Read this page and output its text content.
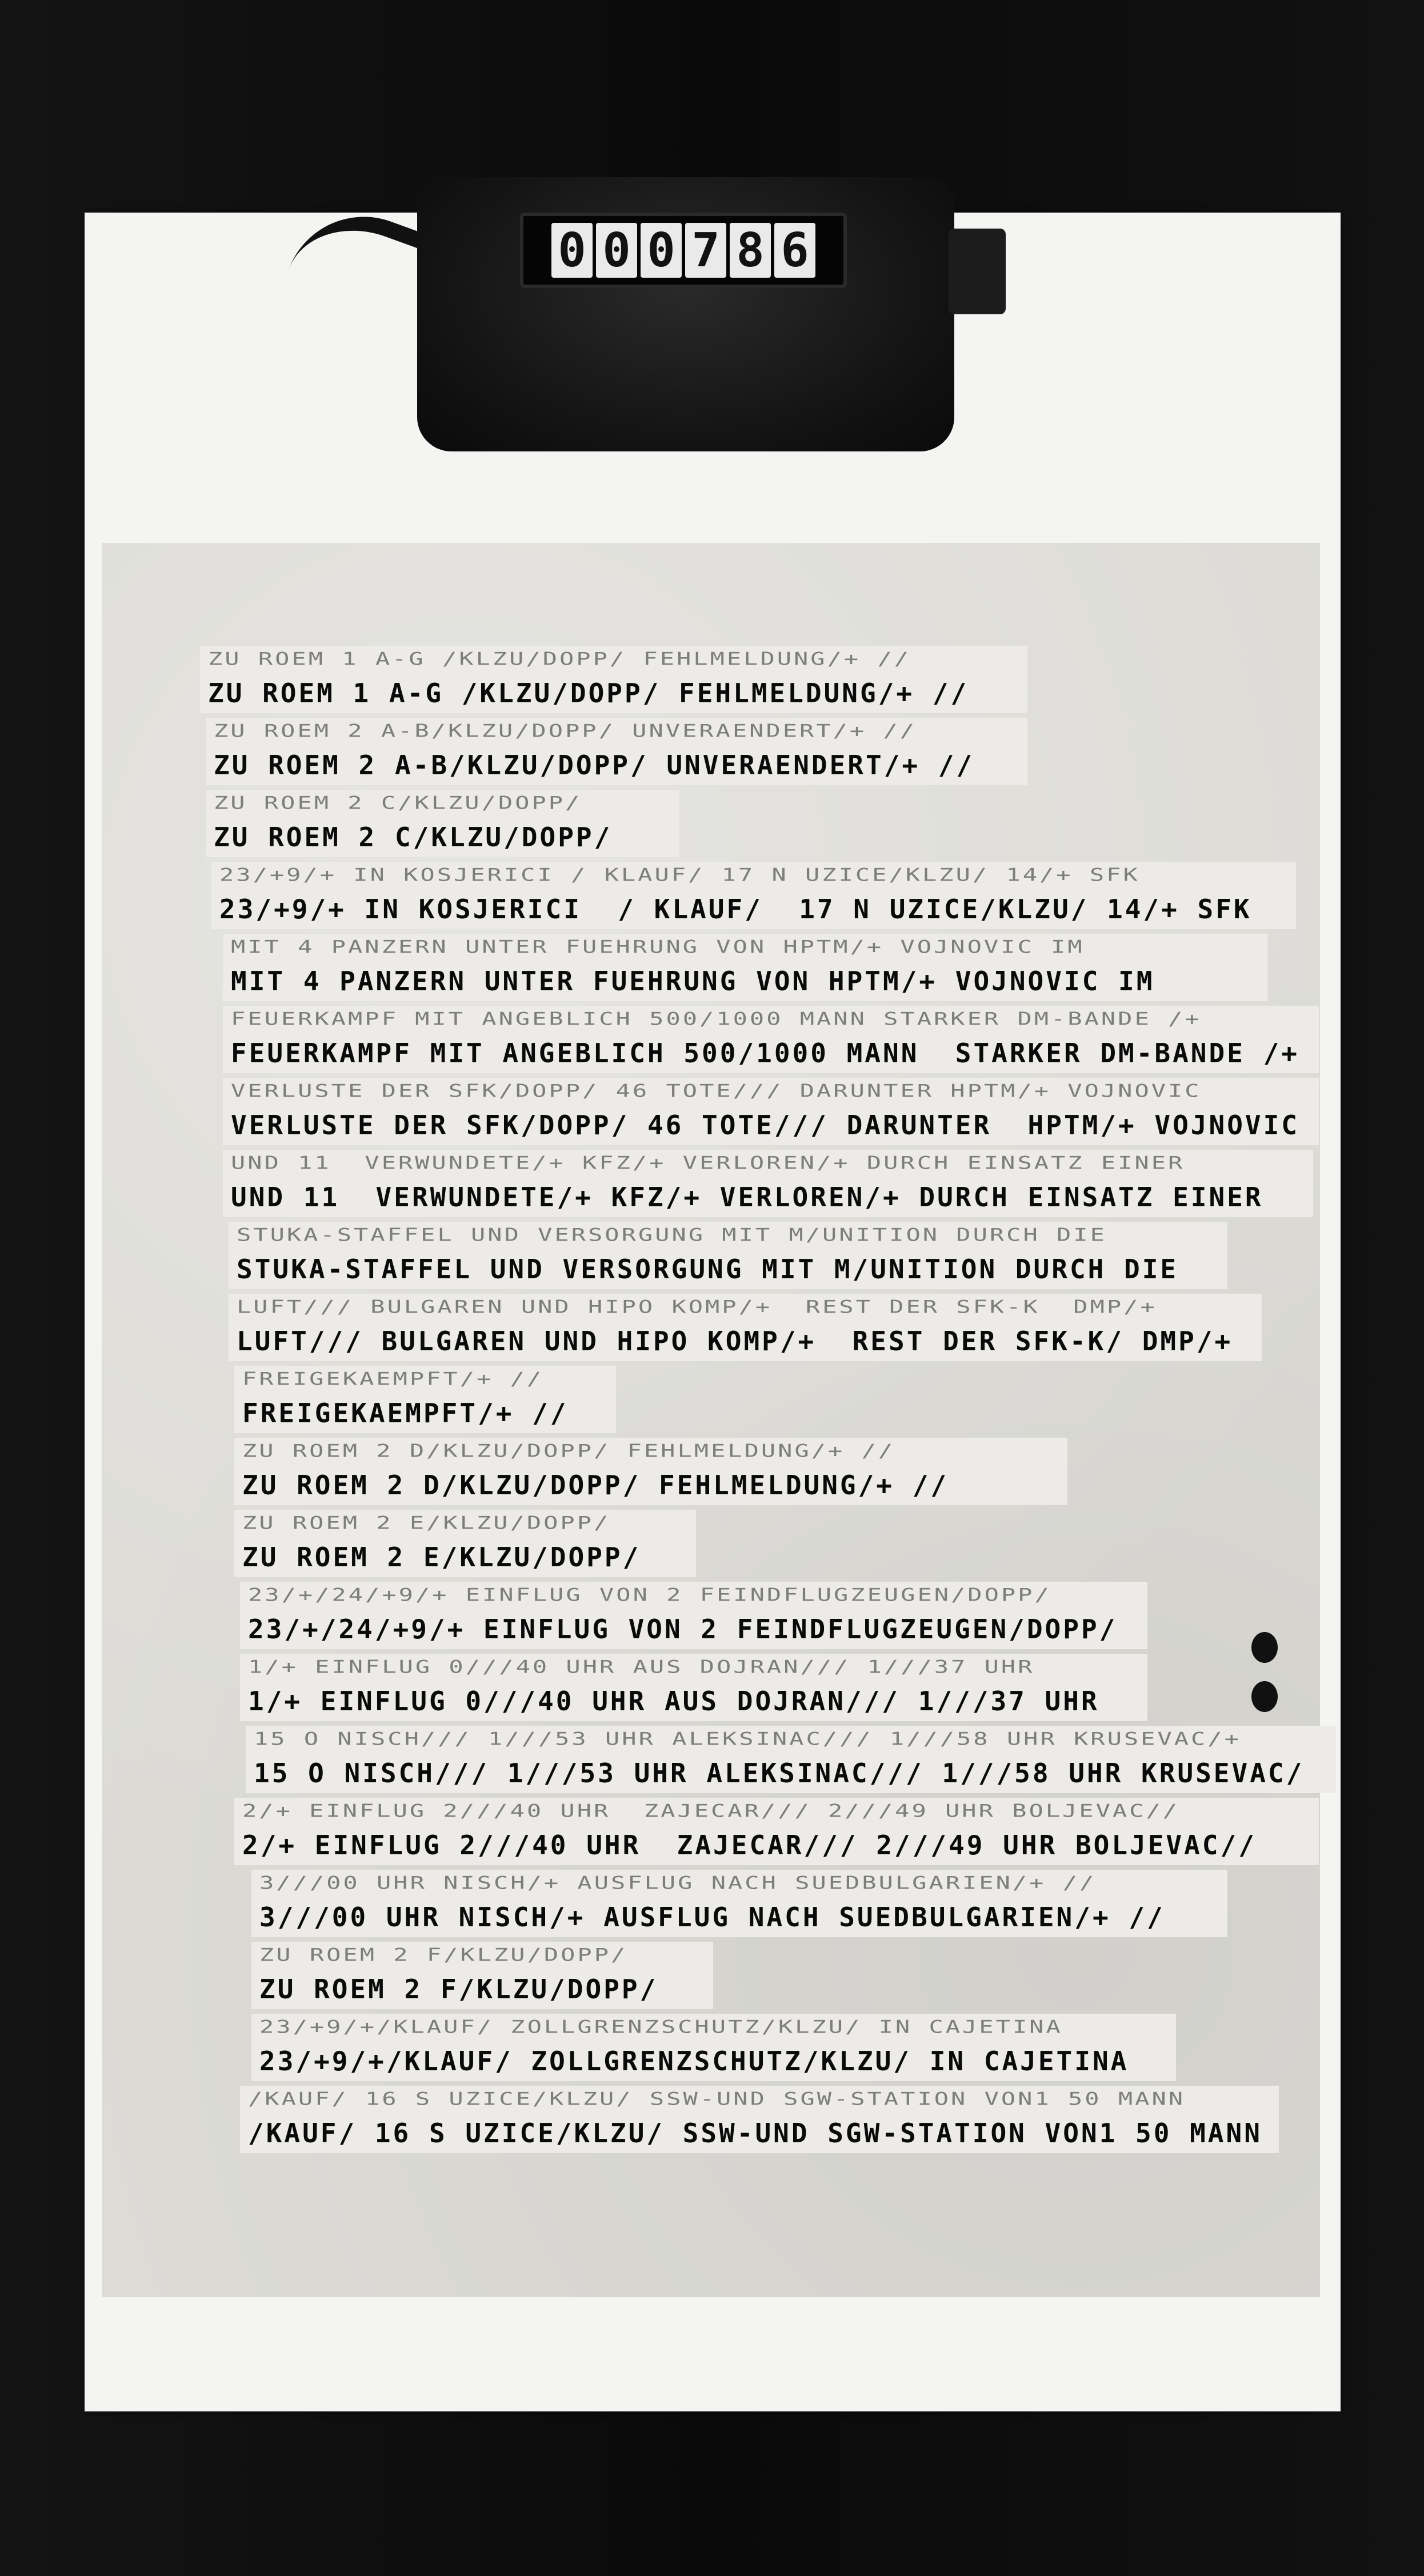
0 0 0 7 8 6
ZU ROEM 1 A-G /KLZU/DOPP/ FEHLMELDUNG/+ //
ZU ROEM 1 A-G /KLZU/DOPP/ FEHLMELDUNG/+ //
ZU ROEM 2 A-B/KLZU/DOPP/ UNVERAENDERT/+ //
ZU ROEM 2 A-B/KLZU/DOPP/ UNVERAENDERT/+ //
ZU ROEM 2 C/KLZU/DOPP/
ZU ROEM 2 C/KLZU/DOPP/
23/+9/+ IN KOSJERICI / KLAUF/ 17 N UZICE/KLZU/ 14/+ SFK
23/+9/+ IN KOSJERICI  / KLAUF/  17 N UZICE/KLZU/ 14/+ SFK
MIT 4 PANZERN UNTER FUEHRUNG VON HPTM/+ VOJNOVIC IM
MIT 4 PANZERN UNTER FUEHRUNG VON HPTM/+ VOJNOVIC IM
FEUERKAMPF MIT ANGEBLICH 500/1000 MANN STARKER DM-BANDE /+
FEUERKAMPF MIT ANGEBLICH 500/1000 MANN  STARKER DM-BANDE /+
VERLUSTE DER SFK/DOPP/ 46 TOTE/// DARUNTER HPTM/+ VOJNOVIC
VERLUSTE DER SFK/DOPP/ 46 TOTE/// DARUNTER  HPTM/+ VOJNOVIC
UND 11  VERWUNDETE/+ KFZ/+ VERLOREN/+ DURCH EINSATZ EINER
UND 11  VERWUNDETE/+ KFZ/+ VERLOREN/+ DURCH EINSATZ EINER
STUKA-STAFFEL UND VERSORGUNG MIT M/UNITION DURCH DIE
STUKA-STAFFEL UND VERSORGUNG MIT M/UNITION DURCH DIE
LUFT/// BULGAREN UND HIPO KOMP/+  REST DER SFK-K  DMP/+
LUFT/// BULGAREN UND HIPO KOMP/+  REST DER SFK-K/ DMP/+
FREIGEKAEMPFT/+ //
FREIGEKAEMPFT/+ //
ZU ROEM 2 D/KLZU/DOPP/ FEHLMELDUNG/+ //
ZU ROEM 2 D/KLZU/DOPP/ FEHLMELDUNG/+ //
ZU ROEM 2 E/KLZU/DOPP/
ZU ROEM 2 E/KLZU/DOPP/
23/+/24/+9/+ EINFLUG VON 2 FEINDFLUGZEUGEN/DOPP/
23/+/24/+9/+ EINFLUG VON 2 FEINDFLUGZEUGEN/DOPP/
1/+ EINFLUG 0///40 UHR AUS DOJRAN/// 1///37 UHR
1/+ EINFLUG 0///40 UHR AUS DOJRAN/// 1///37 UHR
15 O NISCH/// 1///53 UHR ALEKSINAC/// 1///58 UHR KRUSEVAC/+
15 O NISCH/// 1///53 UHR ALEKSINAC/// 1///58 UHR KRUSEVAC/
2/+ EINFLUG 2///40 UHR  ZAJECAR/// 2///49 UHR BOLJEVAC//
2/+ EINFLUG 2///40 UHR  ZAJECAR/// 2///49 UHR BOLJEVAC//
3///00 UHR NISCH/+ AUSFLUG NACH SUEDBULGARIEN/+ //
3///00 UHR NISCH/+ AUSFLUG NACH SUEDBULGARIEN/+ //
ZU ROEM 2 F/KLZU/DOPP/
ZU ROEM 2 F/KLZU/DOPP/
23/+9/+/KLAUF/ ZOLLGRENZSCHUTZ/KLZU/ IN CAJETINA
23/+9/+/KLAUF/ ZOLLGRENZSCHUTZ/KLZU/ IN CAJETINA
/KAUF/ 16 S UZICE/KLZU/ SSW-UND SGW-STATION VON1 50 MANN
/KAUF/ 16 S UZICE/KLZU/ SSW-UND SGW-STATION VON1 50 MANN
